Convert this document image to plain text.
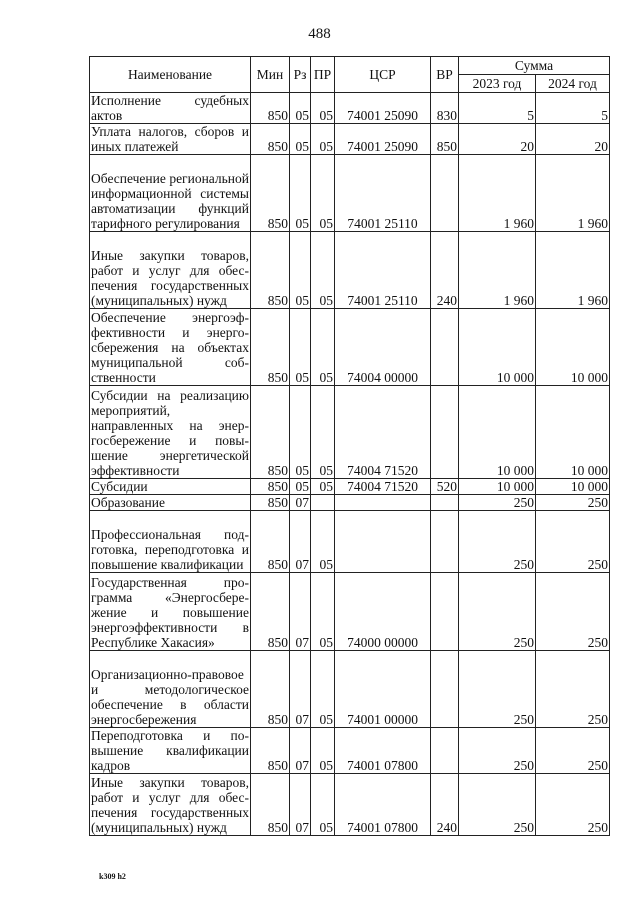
488
Наименование	Мин	Рз	ПР	ЦСР	ВР	Сумма	
						2023 год	2024 год
Исполнение судебных актов	850	05	05	74001 25090	830	5	5
Уплата налогов, сборов и иных платежей	850	05	05	74001 25090	850	20	20
Обеспечение региональной информационной системы автоматизации функций тарифного регулирования	850	05	05	74001 25110		1 960	1 960
Иные закупки товаров, работ и услуг для обеспечения государственных (муниципальных) нужд	850	05	05	74001 25110	240	1 960	1 960
Обеспечение энергоэффективности и энергосбережения на объектах муниципальной собственности	850	05	05	74004 00000		10 000	10 000
Субсидии на реализацию мероприятий, направленных на энергосбережение и повышение энергетической эффективности	850	05	05	74004 71520		10 000	10 000
Субсидии	850	05	05	74004 71520	520	10 000	10 000
Образование	850	07				250	250
Профессиональная подготовка, переподготовка и повышение квалификации	850	07	05			250	250
Государственная программа «Энергосбережение и повышение энергоэффективности в Республике Хакасия»	850	07	05	74000 00000		250	250
Организационно-правовое и методологическое обеспечение в области энергосбережения	850	07	05	74001 00000		250	250
Переподготовка и повышение квалификации кадров	850	07	05	74001 07800		250	250
Иные закупки товаров, работ и услуг для обеспечения государственных (муниципальных) нужд	850	07	05	74001 07800	240	250	250
k309 h2
